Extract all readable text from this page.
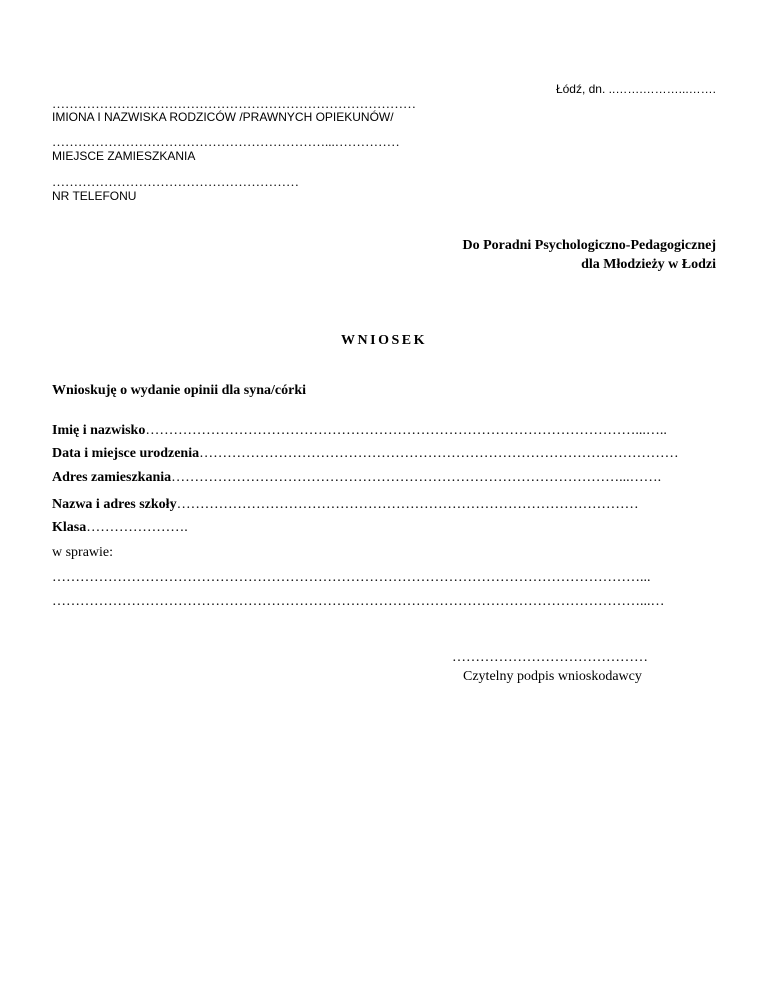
Łódź, dn. ..…….………...…….
…………………………………………………………………………
IMIONA I NAZWISKA RODZICÓW /PRAWNYCH OPIEKUNÓW/
………………………………………………………...……………
MIEJSCE ZAMIESZKANIA
…………………………………………………
NR TELEFONU
Do Poradni Psychologiczno-Pedagogicznej
dla Młodzieży w Łodzi
WNIOSEK
Wnioskuję o wydanie opinii dla syna/córki
Imię i nazwisko……………………………………………………………………………………………...…..
Data i miejsce urodzenia…………………………………………………………………………….……………
Adres zamieszkania……………………………………………………………………………………...…….
Nazwa i adres szkoły………………………………………………………………………………………
Klasa………………….
w sprawie:
………………………………………………………………………………………………………………...
………………………………………………………………………………………………………………...…
……………………………………
Czytelny podpis wnioskodawcy
